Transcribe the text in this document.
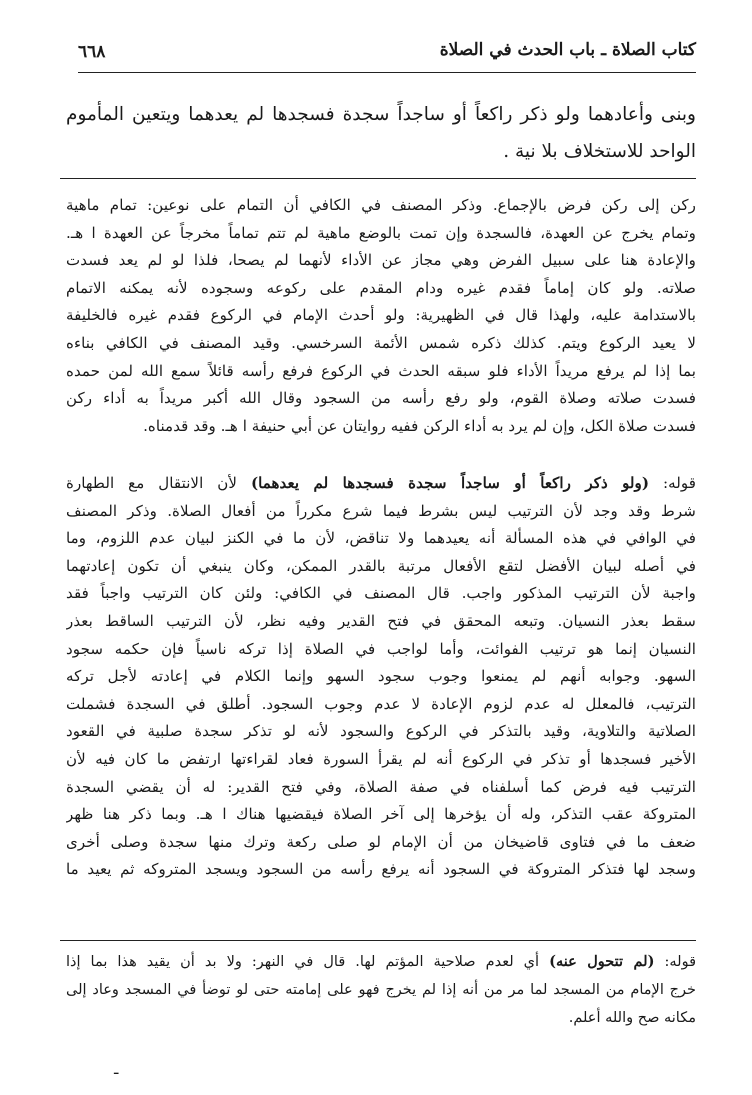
كتاب الصلاة ـ باب الحدث في الصلاة
٦٦٨
وبنى وأعادهما ولو ذكر راكعاً أو ساجداً سجدة فسجدها لم يعدهما ويتعين المأموم
الواحد للاستخلاف بلا نية .
ركن إلى ركن فرض بالإجماع. وذكر المصنف في الكافي أن التمام على نوعين: تمام ماهية
وتمام يخرج عن العهدة، فالسجدة وإن تمت بالوضع ماهية لم تتم تماماً مخرجاً عن العهدة ا هـ.
والإعادة هنا على سبيل الفرض وهي مجاز عن الأداء لأنهما لم يصحا، فلذا لو لم يعد فسدت
صلاته. ولو كان إماماً فقدم غيره ودام المقدم على ركوعه وسجوده لأنه يمكنه الاتمام
بالاستدامة عليه، ولهذا قال في الظهيرية: ولو أحدث الإمام في الركوع فقدم غيره فالخليفة
لا يعيد الركوع ويتم. كذلك ذكره شمس الأئمة السرخسي. وقيد المصنف في الكافي بناءه
بما إذا لم يرفع مريداً الأداء فلو سبقه الحدث في الركوع فرفع رأسه قائلاً سمع الله لمن حمده
فسدت صلاته وصلاة القوم، ولو رفع رأسه من السجود وقال الله أكبر مريداً به أداء ركن
فسدت صلاة الكل، وإن لم يرد به أداء الركن ففيه روايتان عن أبي حنيفة ا هـ. وقد قدمناه.
قوله: (ولو ذكر راكعاً أو ساجداً سجدة فسجدها لم يعدهما) لأن الانتقال مع الطهارة
شرط وقد وجد لأن الترتيب ليس بشرط فيما شرع مكرراً من أفعال الصلاة. وذكر المصنف
في الوافي في هذه المسألة أنه يعيدهما ولا تناقض، لأن ما في الكنز لبيان عدم اللزوم، وما
في أصله لبيان الأفضل لتقع الأفعال مرتبة بالقدر الممكن، وكان ينبغي أن تكون إعادتهما
واجبة لأن الترتيب المذكور واجب. قال المصنف في الكافي: ولئن كان الترتيب واجباً فقد
سقط بعذر النسيان. وتبعه المحقق في فتح القدير وفيه نظر، لأن الترتيب الساقط بعذر
النسيان إنما هو ترتيب الفوائت، وأما لواجب في الصلاة إذا تركه ناسياً فإن حكمه سجود
السهو. وجوابه أنهم لم يمنعوا وجوب سجود السهو وإنما الكلام في إعادته لأجل تركه
الترتيب، فالمعلل له عدم لزوم الإعادة لا عدم وجوب السجود. أطلق في السجدة فشملت
الصلاتية والتلاوية، وقيد بالتذكر في الركوع والسجود لأنه لو تذكر سجدة صلبية في القعود
الأخير فسجدها أو تذكر في الركوع أنه لم يقرأ السورة فعاد لقراءتها ارتفض ما كان فيه لأن
الترتيب فيه فرض كما أسلفناه في صفة الصلاة، وفي فتح القدير: له أن يقضي السجدة
المتروكة عقب التذكر، وله أن يؤخرها إلى آخر الصلاة فيقضيها هناك ا هـ. وبما ذكر هنا ظهر
ضعف ما في فتاوى قاضيخان من أن الإمام لو صلى ركعة وترك منها سجدة وصلى أخرى
وسجد لها فتذكر المتروكة في السجود أنه يرفع رأسه من السجود ويسجد المتروكه ثم يعيد ما
قوله: (لم تتحول عنه) أي لعدم صلاحية المؤتم لها. قال في النهر: ولا بد أن يقيد هذا بما إذا
خرج الإمام من المسجد لما مر من أنه إذا لم يخرج فهو على إمامته حتى لو توضأ في المسجد وعاد إلى
مكانه صح والله أعلم.
ـ
